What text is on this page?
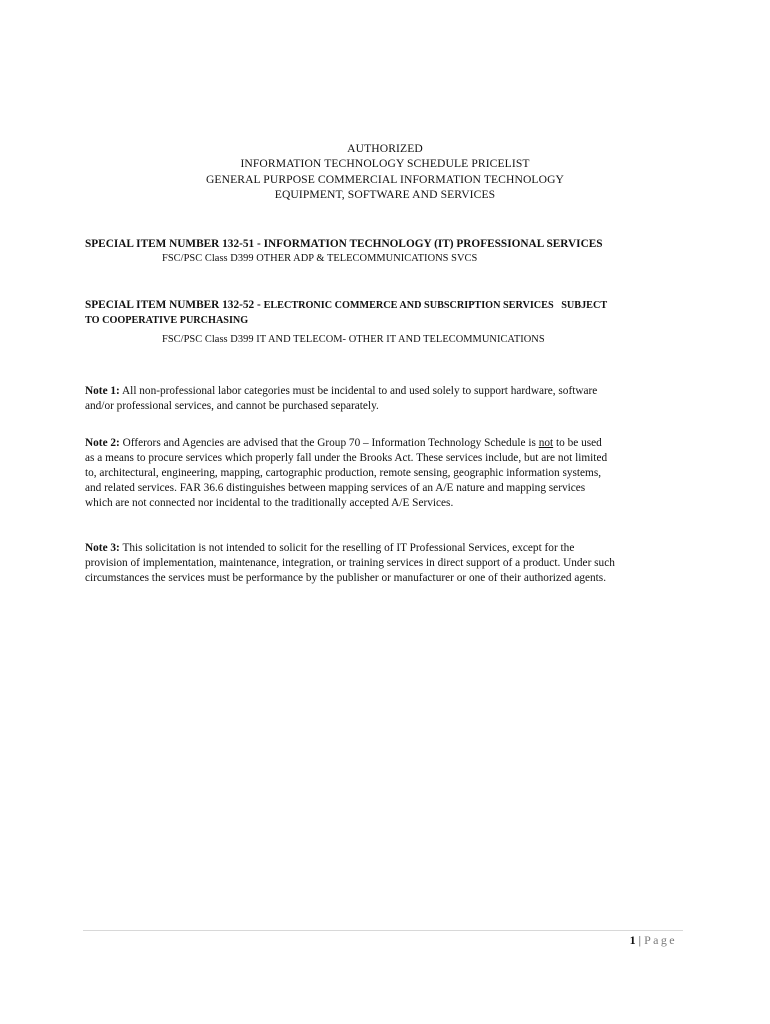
AUTHORIZED
INFORMATION TECHNOLOGY SCHEDULE PRICELIST
GENERAL PURPOSE COMMERCIAL INFORMATION TECHNOLOGY
EQUIPMENT, SOFTWARE AND SERVICES
SPECIAL ITEM NUMBER 132-51 - INFORMATION TECHNOLOGY (IT) PROFESSIONAL SERVICES
FSC/PSC Class D399 OTHER ADP & TELECOMMUNICATIONS SVCS
SPECIAL ITEM NUMBER 132-52 - ELECTRONIC COMMERCE AND SUBSCRIPTION SERVICES   SUBJECT
TO COOPERATIVE PURCHASING
FSC/PSC Class D399 IT AND TELECOM- OTHER IT AND TELECOMMUNICATIONS
Note 1: All non-professional labor categories must be incidental to and used solely to support hardware, software
and/or professional services, and cannot be purchased separately.
Note 2: Offerors and Agencies are advised that the Group 70 – Information Technology Schedule is not to be used
as a means to procure services which properly fall under the Brooks Act. These services include, but are not limited
to, architectural, engineering, mapping, cartographic production, remote sensing, geographic information systems,
and related services. FAR 36.6 distinguishes between mapping services of an A/E nature and mapping services
which are not connected nor incidental to the traditionally accepted A/E Services.
Note 3: This solicitation is not intended to solicit for the reselling of IT Professional Services, except for the
provision of implementation, maintenance, integration, or training services in direct support of a product. Under such
circumstances the services must be performance by the publisher or manufacturer or one of their authorized agents.
1 | Page
